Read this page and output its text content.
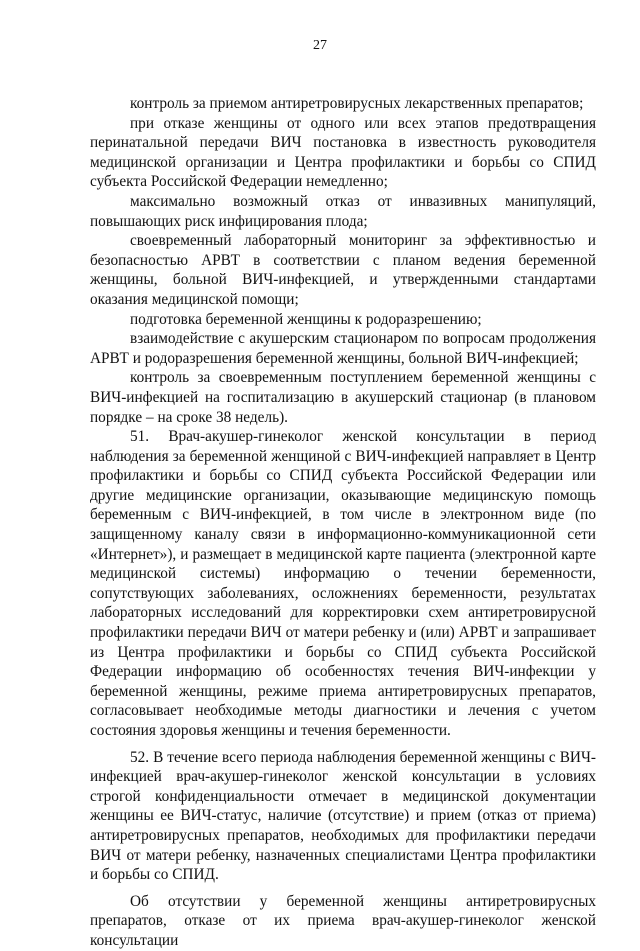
27

контроль за приемом антиретровирусных лекарственных препаратов;

при отказе женщины от одного или всех этапов предотвращения перинатальной передачи ВИЧ постановка в известность руководителя медицинской организации и Центра профилактики и борьбы со СПИД субъекта Российской Федерации немедленно;

максимально возможный отказ от инвазивных манипуляций, повышающих риск инфицирования плода;

своевременный лабораторный мониторинг за эффективностью и безопасностью АРВТ в соответствии с планом ведения беременной женщины, больной ВИЧ-инфекцией, и утвержденными стандартами оказания медицинской помощи;

подготовка беременной женщины к родоразрешению;

взаимодействие с акушерским стационаром по вопросам продолжения АРВТ и родоразрешения беременной женщины, больной ВИЧ-инфекцией;

контроль за своевременным поступлением беременной женщины с ВИЧ-инфекцией на госпитализацию в акушерский стационар (в плановом порядке – на сроке 38 недель).

51. Врач-акушер-гинеколог женской консультации в период наблюдения за беременной женщиной с ВИЧ-инфекцией направляет в Центр профилактики и борьбы со СПИД субъекта Российской Федерации или другие медицинские организации, оказывающие медицинскую помощь беременным с ВИЧ-инфекцией, в том числе в электронном виде (по защищенному каналу связи в информационно-коммуникационной сети «Интернет»), и размещает в медицинской карте пациента (электронной карте медицинской системы) информацию о течении беременности, сопутствующих заболеваниях, осложнениях беременности, результатах лабораторных исследований для корректировки схем антиретровирусной профилактики передачи ВИЧ от матери ребенку и (или) АРВТ и запрашивает из Центра профилактики и борьбы со СПИД субъекта Российской Федерации информацию об особенностях течения ВИЧ-инфекции у беременной женщины, режиме приема антиретровирусных препаратов, согласовывает необходимые методы диагностики и лечения с учетом состояния здоровья женщины и течения беременности.

52. В течение всего периода наблюдения беременной женщины с ВИЧ-инфекцией врач-акушер-гинеколог женской консультации в условиях строгой конфиденциальности отмечает в медицинской документации женщины ее ВИЧ-статус, наличие (отсутствие) и прием (отказ от приема) антиретровирусных препаратов, необходимых для профилактики передачи ВИЧ от матери ребенку, назначенных специалистами Центра профилактики и борьбы со СПИД.

Об отсутствии у беременной женщины антиретровирусных препаратов, отказе от их приема врач-акушер-гинеколог женской консультации
